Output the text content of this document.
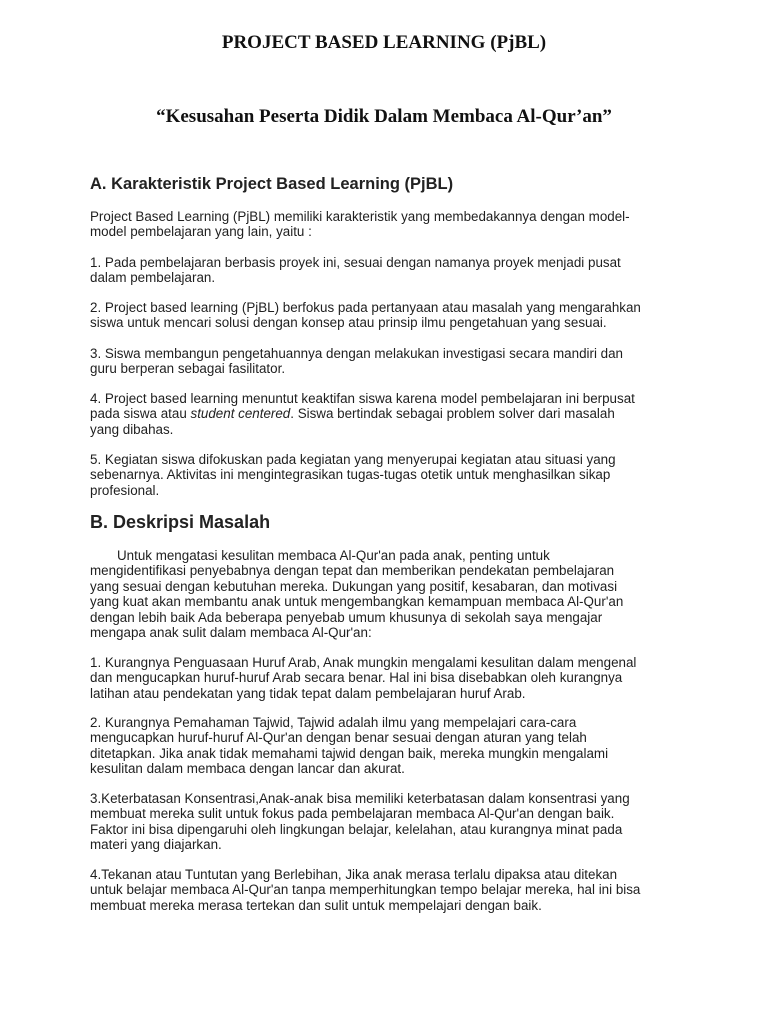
PROJECT BASED LEARNING (PjBL)
“Kesusahan Peserta Didik Dalam Membaca Al-Qur’an”
A. Karakteristik Project Based Learning (PjBL)

Project Based Learning (PjBL) memiliki karakteristik yang membedakannya dengan model-
model pembelajaran yang lain, yaitu :

1. Pada pembelajaran berbasis proyek ini, sesuai dengan namanya proyek menjadi pusat
dalam pembelajaran.

2. Project based learning (PjBL) berfokus pada pertanyaan atau masalah yang mengarahkan
siswa untuk mencari solusi dengan konsep atau prinsip ilmu pengetahuan yang sesuai.

3. Siswa membangun pengetahuannya dengan melakukan investigasi secara mandiri dan
guru berperan sebagai fasilitator.

4. Project based learning menuntut keaktifan siswa karena model pembelajaran ini berpusat
pada siswa atau student centered. Siswa bertindak sebagai problem solver dari masalah
yang dibahas.

5. Kegiatan siswa difokuskan pada kegiatan yang menyerupai kegiatan atau situasi yang
sebenarnya. Aktivitas ini mengintegrasikan tugas-tugas otetik untuk menghasilkan sikap
profesional.

B. Deskripsi Masalah

Untuk mengatasi kesulitan membaca Al-Qur'an pada anak, penting untuk
mengidentifikasi penyebabnya dengan tepat dan memberikan pendekatan pembelajaran
yang sesuai dengan kebutuhan mereka. Dukungan yang positif, kesabaran, dan motivasi
yang kuat akan membantu anak untuk mengembangkan kemampuan membaca Al-Qur'an
dengan lebih baik Ada beberapa penyebab umum khusunya di sekolah saya mengajar
mengapa anak sulit dalam membaca Al-Qur'an:

1. Kurangnya Penguasaan Huruf Arab, Anak mungkin mengalami kesulitan dalam mengenal
dan mengucapkan huruf-huruf Arab secara benar. Hal ini bisa disebabkan oleh kurangnya
latihan atau pendekatan yang tidak tepat dalam pembelajaran huruf Arab.

2. Kurangnya Pemahaman Tajwid, Tajwid adalah ilmu yang mempelajari cara-cara
mengucapkan huruf-huruf Al-Qur'an dengan benar sesuai dengan aturan yang telah
ditetapkan. Jika anak tidak memahami tajwid dengan baik, mereka mungkin mengalami
kesulitan dalam membaca dengan lancar dan akurat.

3.Keterbatasan Konsentrasi,Anak-anak bisa memiliki keterbatasan dalam konsentrasi yang
membuat mereka sulit untuk fokus pada pembelajaran membaca Al-Qur'an dengan baik.
Faktor ini bisa dipengaruhi oleh lingkungan belajar, kelelahan, atau kurangnya minat pada
materi yang diajarkan.

4.Tekanan atau Tuntutan yang Berlebihan, Jika anak merasa terlalu dipaksa atau ditekan
untuk belajar membaca Al-Qur'an tanpa memperhitungkan tempo belajar mereka, hal ini bisa
membuat mereka merasa tertekan dan sulit untuk mempelajari dengan baik.
